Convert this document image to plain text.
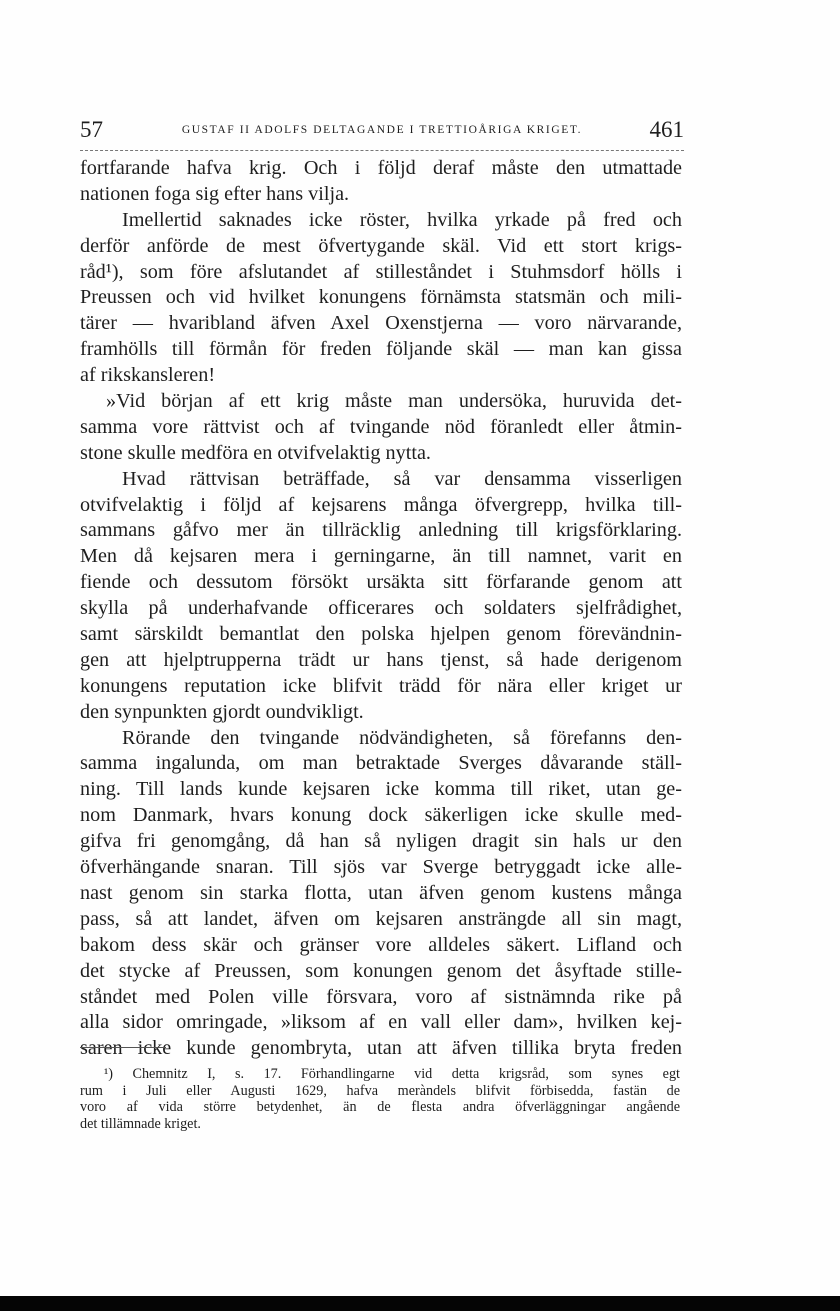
57	GUSTAF II ADOLFS DELTAGANDE I TRETTIOÅRIGA KRIGET.	461
fortfarande hafva krig. Och i följd deraf måste den utmattade
nationen foga sig efter hans vilja.
Imellertid saknades icke röster, hvilka yrkade på fred och
derför anförde de mest öfvertygande skäl. Vid ett stort krigs-
råd¹), som före afslutandet af stilleståndet i Stuhmsdorf hölls i
Preussen och vid hvilket konungens förnämsta statsmän och mili-
tärer — hvaribland äfven Axel Oxenstjerna — voro närvarande,
framhölls till förmån för freden följande skäl — man kan gissa
af rikskansleren!
»Vid början af ett krig måste man undersöka, huruvida det-
samma vore rättvist och af tvingande nöd föranledt eller åtmin-
stone skulle medföra en otvifvelaktig nytta.
Hvad rättvisan beträffade, så var densamma visserligen
otvifvelaktig i följd af kejsarens många öfvergrepp, hvilka till-
sammans gåfvo mer än tillräcklig anledning till krigsförklaring.
Men då kejsaren mera i gerningarne, än till namnet, varit en
fiende och dessutom försökt ursäkta sitt förfarande genom att
skylla på underhafvande officerares och soldaters sjelfrådighet,
samt särskildt bemantlat den polska hjelpen genom förevändnin-
gen att hjelptrupperna trädt ur hans tjenst, så hade derigenom
konungens reputation icke blifvit trädd för nära eller kriget ur
den synpunkten gjordt oundvikligt.
Rörande den tvingande nödvändigheten, så förefanns den-
samma ingalunda, om man betraktade Sverges dåvarande ställ-
ning. Till lands kunde kejsaren icke komma till riket, utan ge-
nom Danmark, hvars konung dock säkerligen icke skulle med-
gifva fri genomgång, då han så nyligen dragit sin hals ur den
öfverhängande snaran. Till sjös var Sverge betryggadt icke alle-
nast genom sin starka flotta, utan äfven genom kustens många
pass, så att landet, äfven om kejsaren ansträngde all sin magt,
bakom dess skär och gränser vore alldeles säkert. Lifland och
det stycke af Preussen, som konungen genom det åsyftade stille-
ståndet med Polen ville försvara, voro af sistnämnda rike på
alla sidor omringade, »liksom af en vall eller dam», hvilken kej-
saren icke kunde genombryta, utan att äfven tillika bryta freden
¹) Chemnitz I, s. 17. Förhandlingarne vid detta krigsråd, som synes egt
rum i Juli eller Augusti 1629, hafva meràndels blifvit förbisedda, fastän de
voro af vida större betydenhet, än de flesta andra öfverläggningar angående
det tillämnade kriget.
